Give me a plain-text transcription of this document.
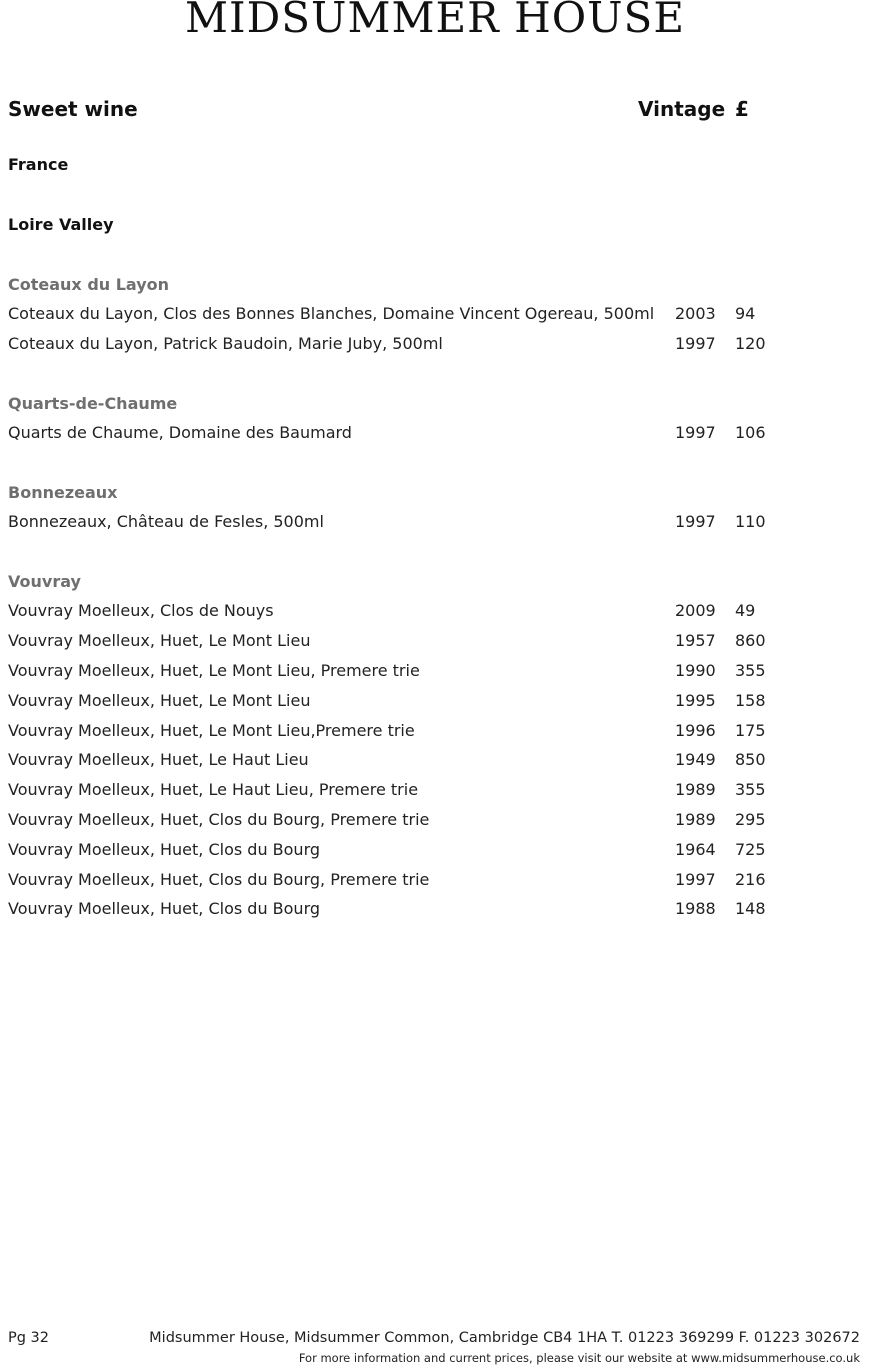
MIDSUMMER HOUSE
Sweet wine	Vintage £
France
Loire Valley
Coteaux du Layon
Coteaux du Layon, Clos des Bonnes Blanches, Domaine Vincent Ogereau, 500ml 2003 94
Coteaux du Layon, Patrick Baudoin, Marie Juby, 500ml	1997 120
Quarts-de-Chaume
Quarts de Chaume, Domaine des Baumard	1997 106
Bonnezeaux
Bonnezeaux, Château de Fesles, 500ml	1997 110
Vouvray
Vouvray Moelleux, Clos de Nouys	2009 49
Vouvray Moelleux, Huet, Le Mont Lieu	1957 860
Vouvray Moelleux, Huet, Le Mont Lieu, Premere trie	1990 355
Vouvray Moelleux, Huet, Le Mont Lieu	1995 158
Vouvray Moelleux, Huet, Le Mont Lieu,Premere trie	1996 175
Vouvray Moelleux, Huet, Le Haut Lieu	1949 850
Vouvray Moelleux, Huet, Le Haut Lieu, Premere trie	1989 355
Vouvray Moelleux, Huet, Clos du Bourg, Premere trie	1989 295
Vouvray Moelleux, Huet, Clos du Bourg	1964 725
Vouvray Moelleux, Huet, Clos du Bourg, Premere trie	1997 216
Vouvray Moelleux, Huet, Clos du Bourg	1988 148
Pg 32	Midsummer House, Midsummer Common, Cambridge CB4 1HA T. 01223 369299 F. 01223 302672
For more information and current prices, please visit our website at www.midsummerhouse.co.uk
